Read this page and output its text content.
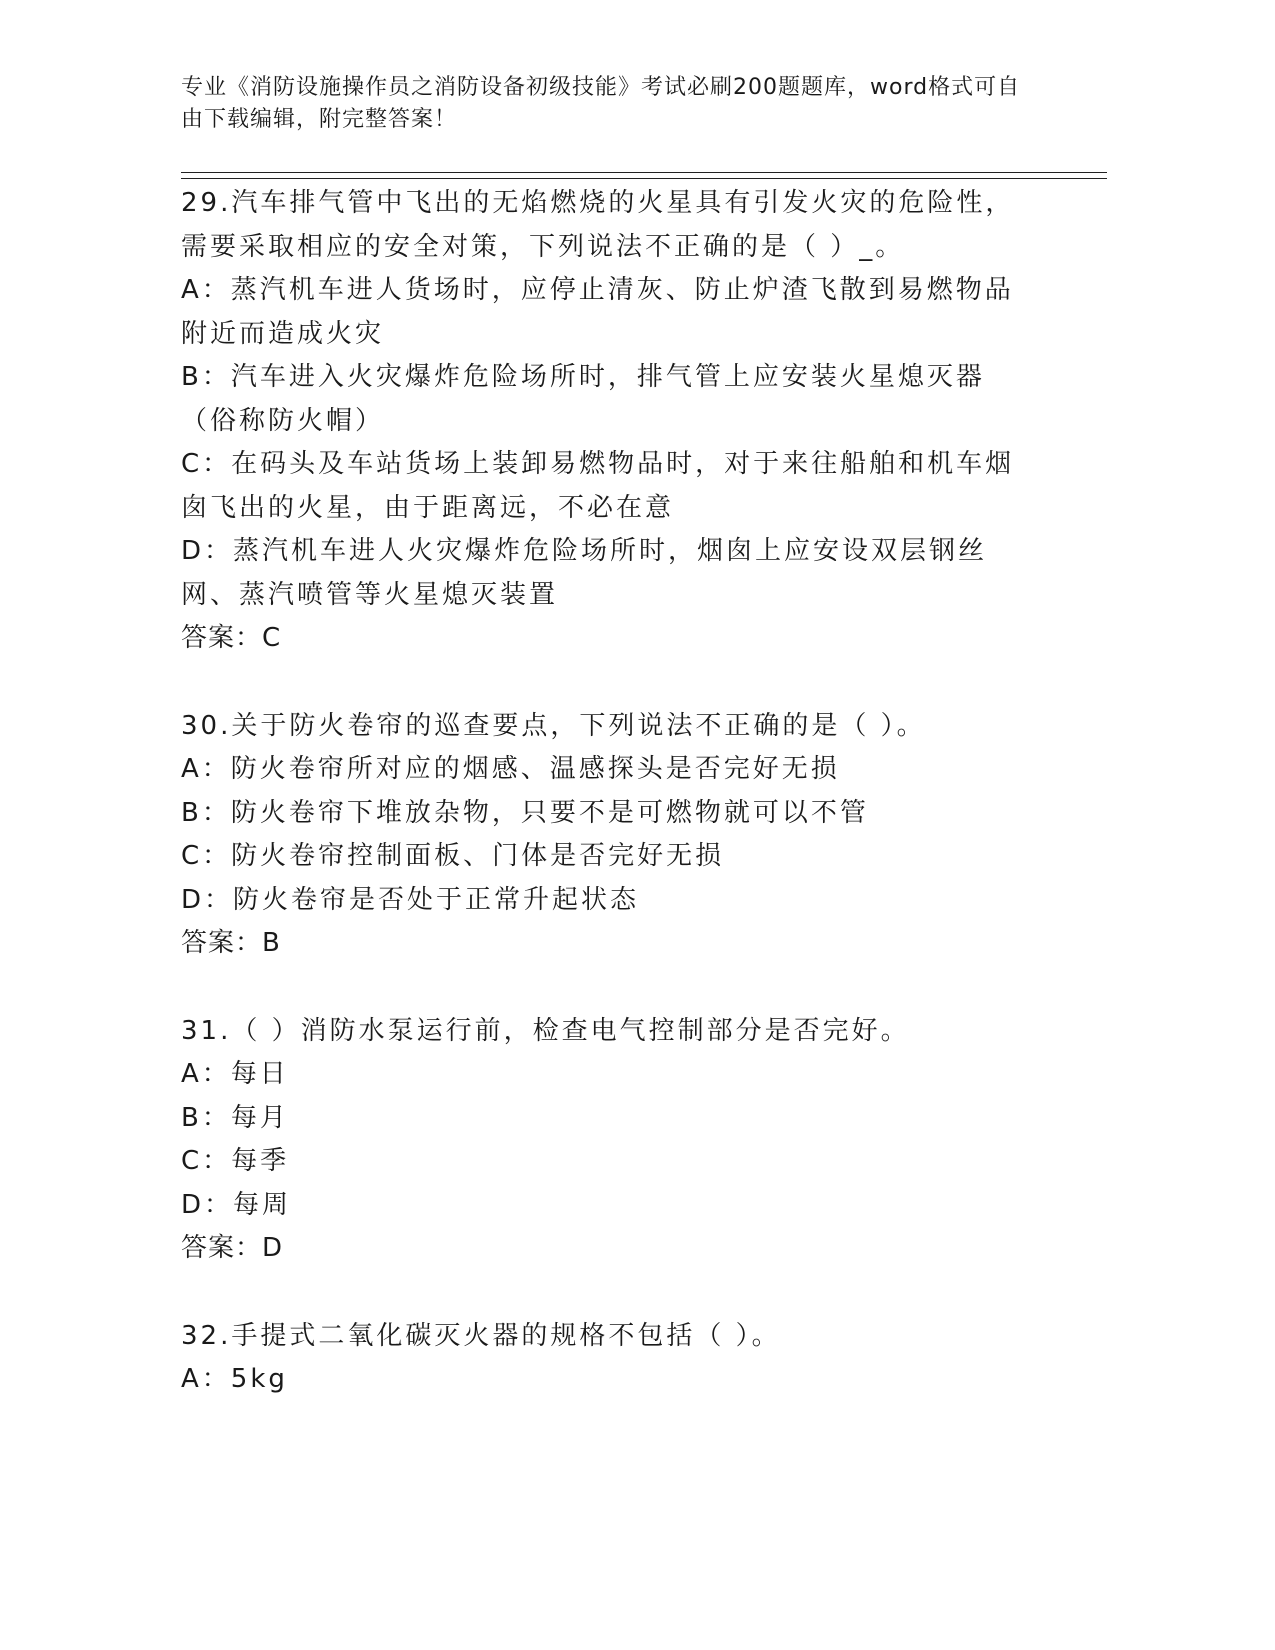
专业《消防设施操作员之消防设备初级技能》考试必刷200题题库，word格式可自由下载编辑，附完整答案！

29.汽车排气管中飞出的无焰燃烧的火星具有引发火灾的危险性，需要采取相应的安全对策，下列说法不正确的是（ ）_。

A：蒸汽机车进人货场时，应停止清灰、防止炉渣飞散到易燃物品附近而造成火灾

B：汽车进入火灾爆炸危险场所时，排气管上应安装火星熄灭器（俗称防火帽）

C：在码头及车站货场上装卸易燃物品时，对于来往船舶和机车烟囱飞出的火星，由于距离远，不必在意

D：蒸汽机车进人火灾爆炸危险场所时，烟囱上应安设双层钢丝网、蒸汽喷管等火星熄灭装置

答案：C

30.关于防火卷帘的巡查要点，下列说法不正确的是（ ）。

A：防火卷帘所对应的烟感、温感探头是否完好无损

B：防火卷帘下堆放杂物，只要不是可燃物就可以不管

C：防火卷帘控制面板、门体是否完好无损

D：防火卷帘是否处于正常升起状态

答案：B

31.（ ）消防水泵运行前，检查电气控制部分是否完好。

A：每日

B：每月

C：每季

D：每周

答案：D

32.手提式二氧化碳灭火器的规格不包括（ ）。

A：5kg
